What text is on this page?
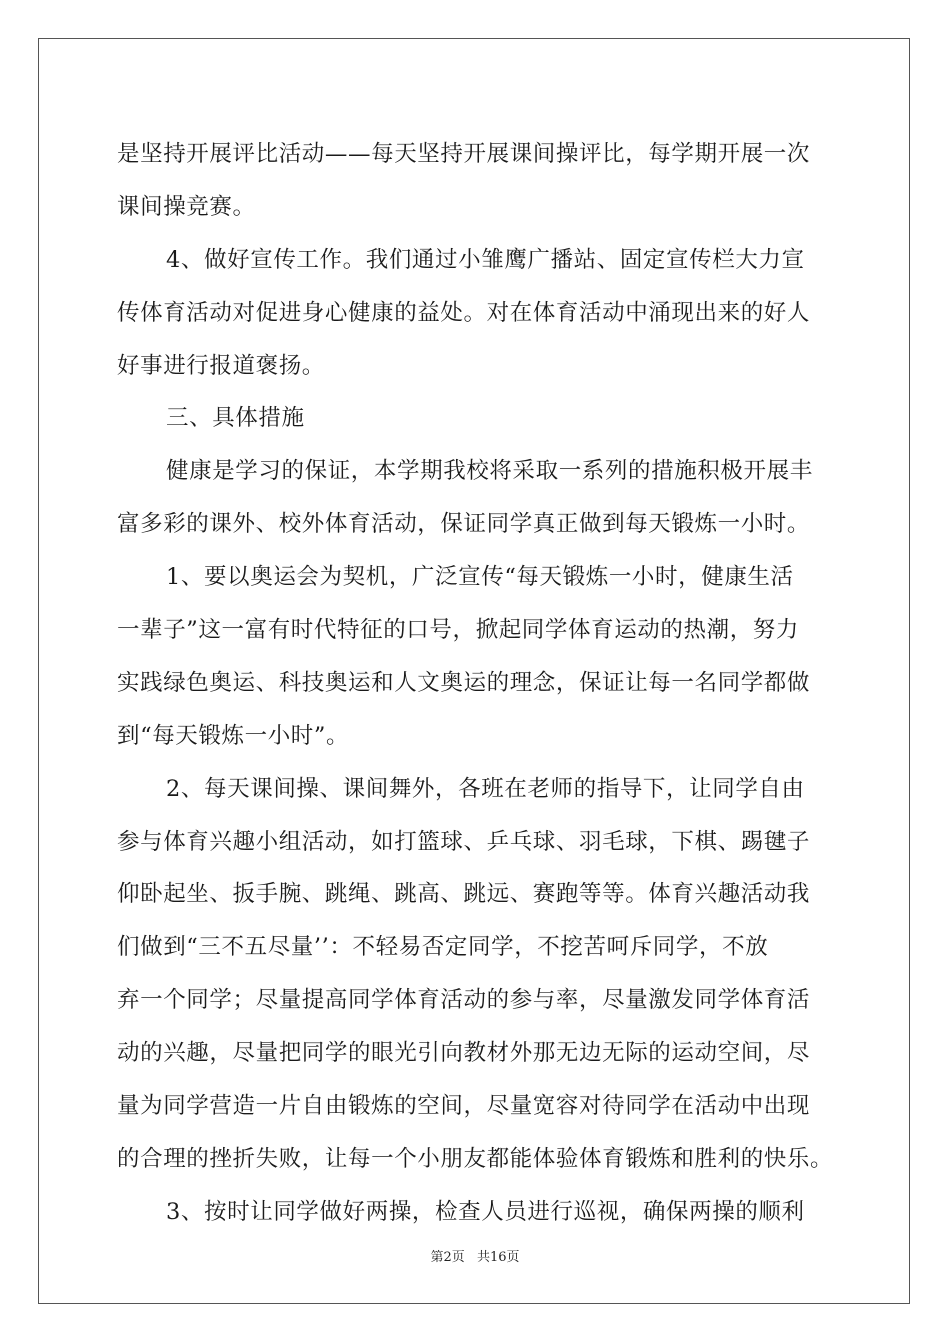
是坚持开展评比活动——每天坚持开展课间操评比，每学期开展一次
课间操竞赛。
4、做好宣传工作。我们通过小雏鹰广播站、固定宣传栏大力宣
传体育活动对促进身心健康的益处。对在体育活动中涌现出来的好人
好事进行报道褒扬。
三、具体措施
健康是学习的保证，本学期我校将采取一系列的措施积极开展丰
富多彩的课外、校外体育活动，保证同学真正做到每天锻炼一小时。
1、要以奥运会为契机，广泛宣传“每天锻炼一小时，健康生活
一辈子”这一富有时代特征的口号，掀起同学体育运动的热潮，努力
实践绿色奥运、科技奥运和人文奥运的理念，保证让每一名同学都做
到“每天锻炼一小时”。
2、每天课间操、课间舞外，各班在老师的指导下，让同学自由
参与体育兴趣小组活动，如打篮球、乒乓球、羽毛球，下棋、踢毽子
仰卧起坐、扳手腕、跳绳、跳高、跳远、赛跑等等。体育兴趣活动我
们做到“三不五尽量’’：不轻易否定同学，不挖苦呵斥同学，不放
弃一个同学；尽量提高同学体育活动的参与率，尽量激发同学体育活
动的兴趣，尽量把同学的眼光引向教材外那无边无际的运动空间，尽
量为同学营造一片自由锻炼的空间，尽量宽容对待同学在活动中出现
的合理的挫折失败，让每一个小朋友都能体验体育锻炼和胜利的快乐。
3、按时让同学做好两操，检查人员进行巡视，确保两操的顺利
第2页 共16页
